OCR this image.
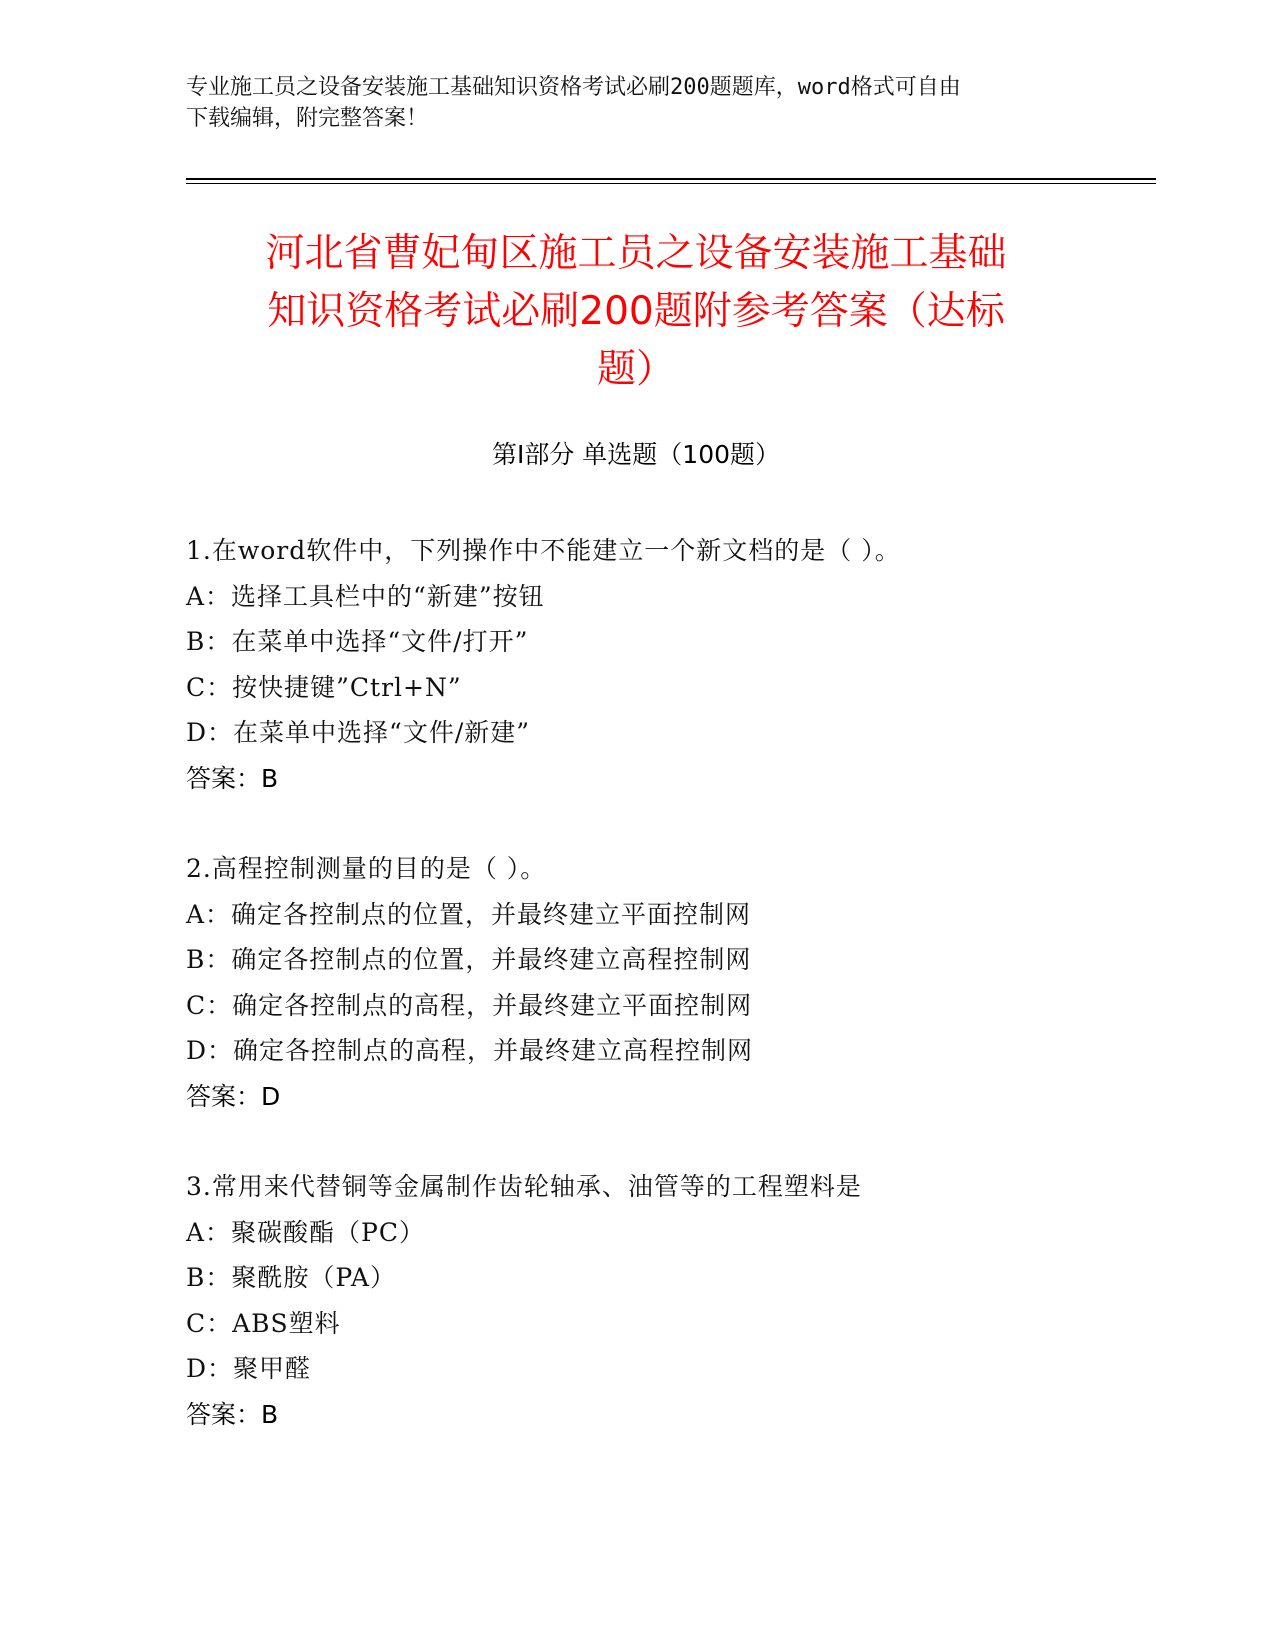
专业施工员之设备安装施工基础知识资格考试必刷200题题库，word格式可自由
下载编辑，附完整答案！
河北省曹妃甸区施工员之设备安装施工基础
知识资格考试必刷200题附参考答案（达标
题）
第Ⅰ部分 单选题（100题）
1.在word软件中，下列操作中不能建立一个新文档的是（ ）。
A：选择工具栏中的“新建”按钮
B：在菜单中选择“文件/打开”
C：按快捷键”Ctrl+N”
D：在菜单中选择“文件/新建”
答案：B
2.高程控制测量的目的是（ ）。
A：确定各控制点的位置，并最终建立平面控制网
B：确定各控制点的位置，并最终建立高程控制网
C：确定各控制点的高程，并最终建立平面控制网
D：确定各控制点的高程，并最终建立高程控制网
答案：D
3.常用来代替铜等金属制作齿轮轴承、油管等的工程塑料是
A：聚碳酸酯（PC）
B：聚酰胺（PA）
C：ABS塑料
D：聚甲醛
答案：B
